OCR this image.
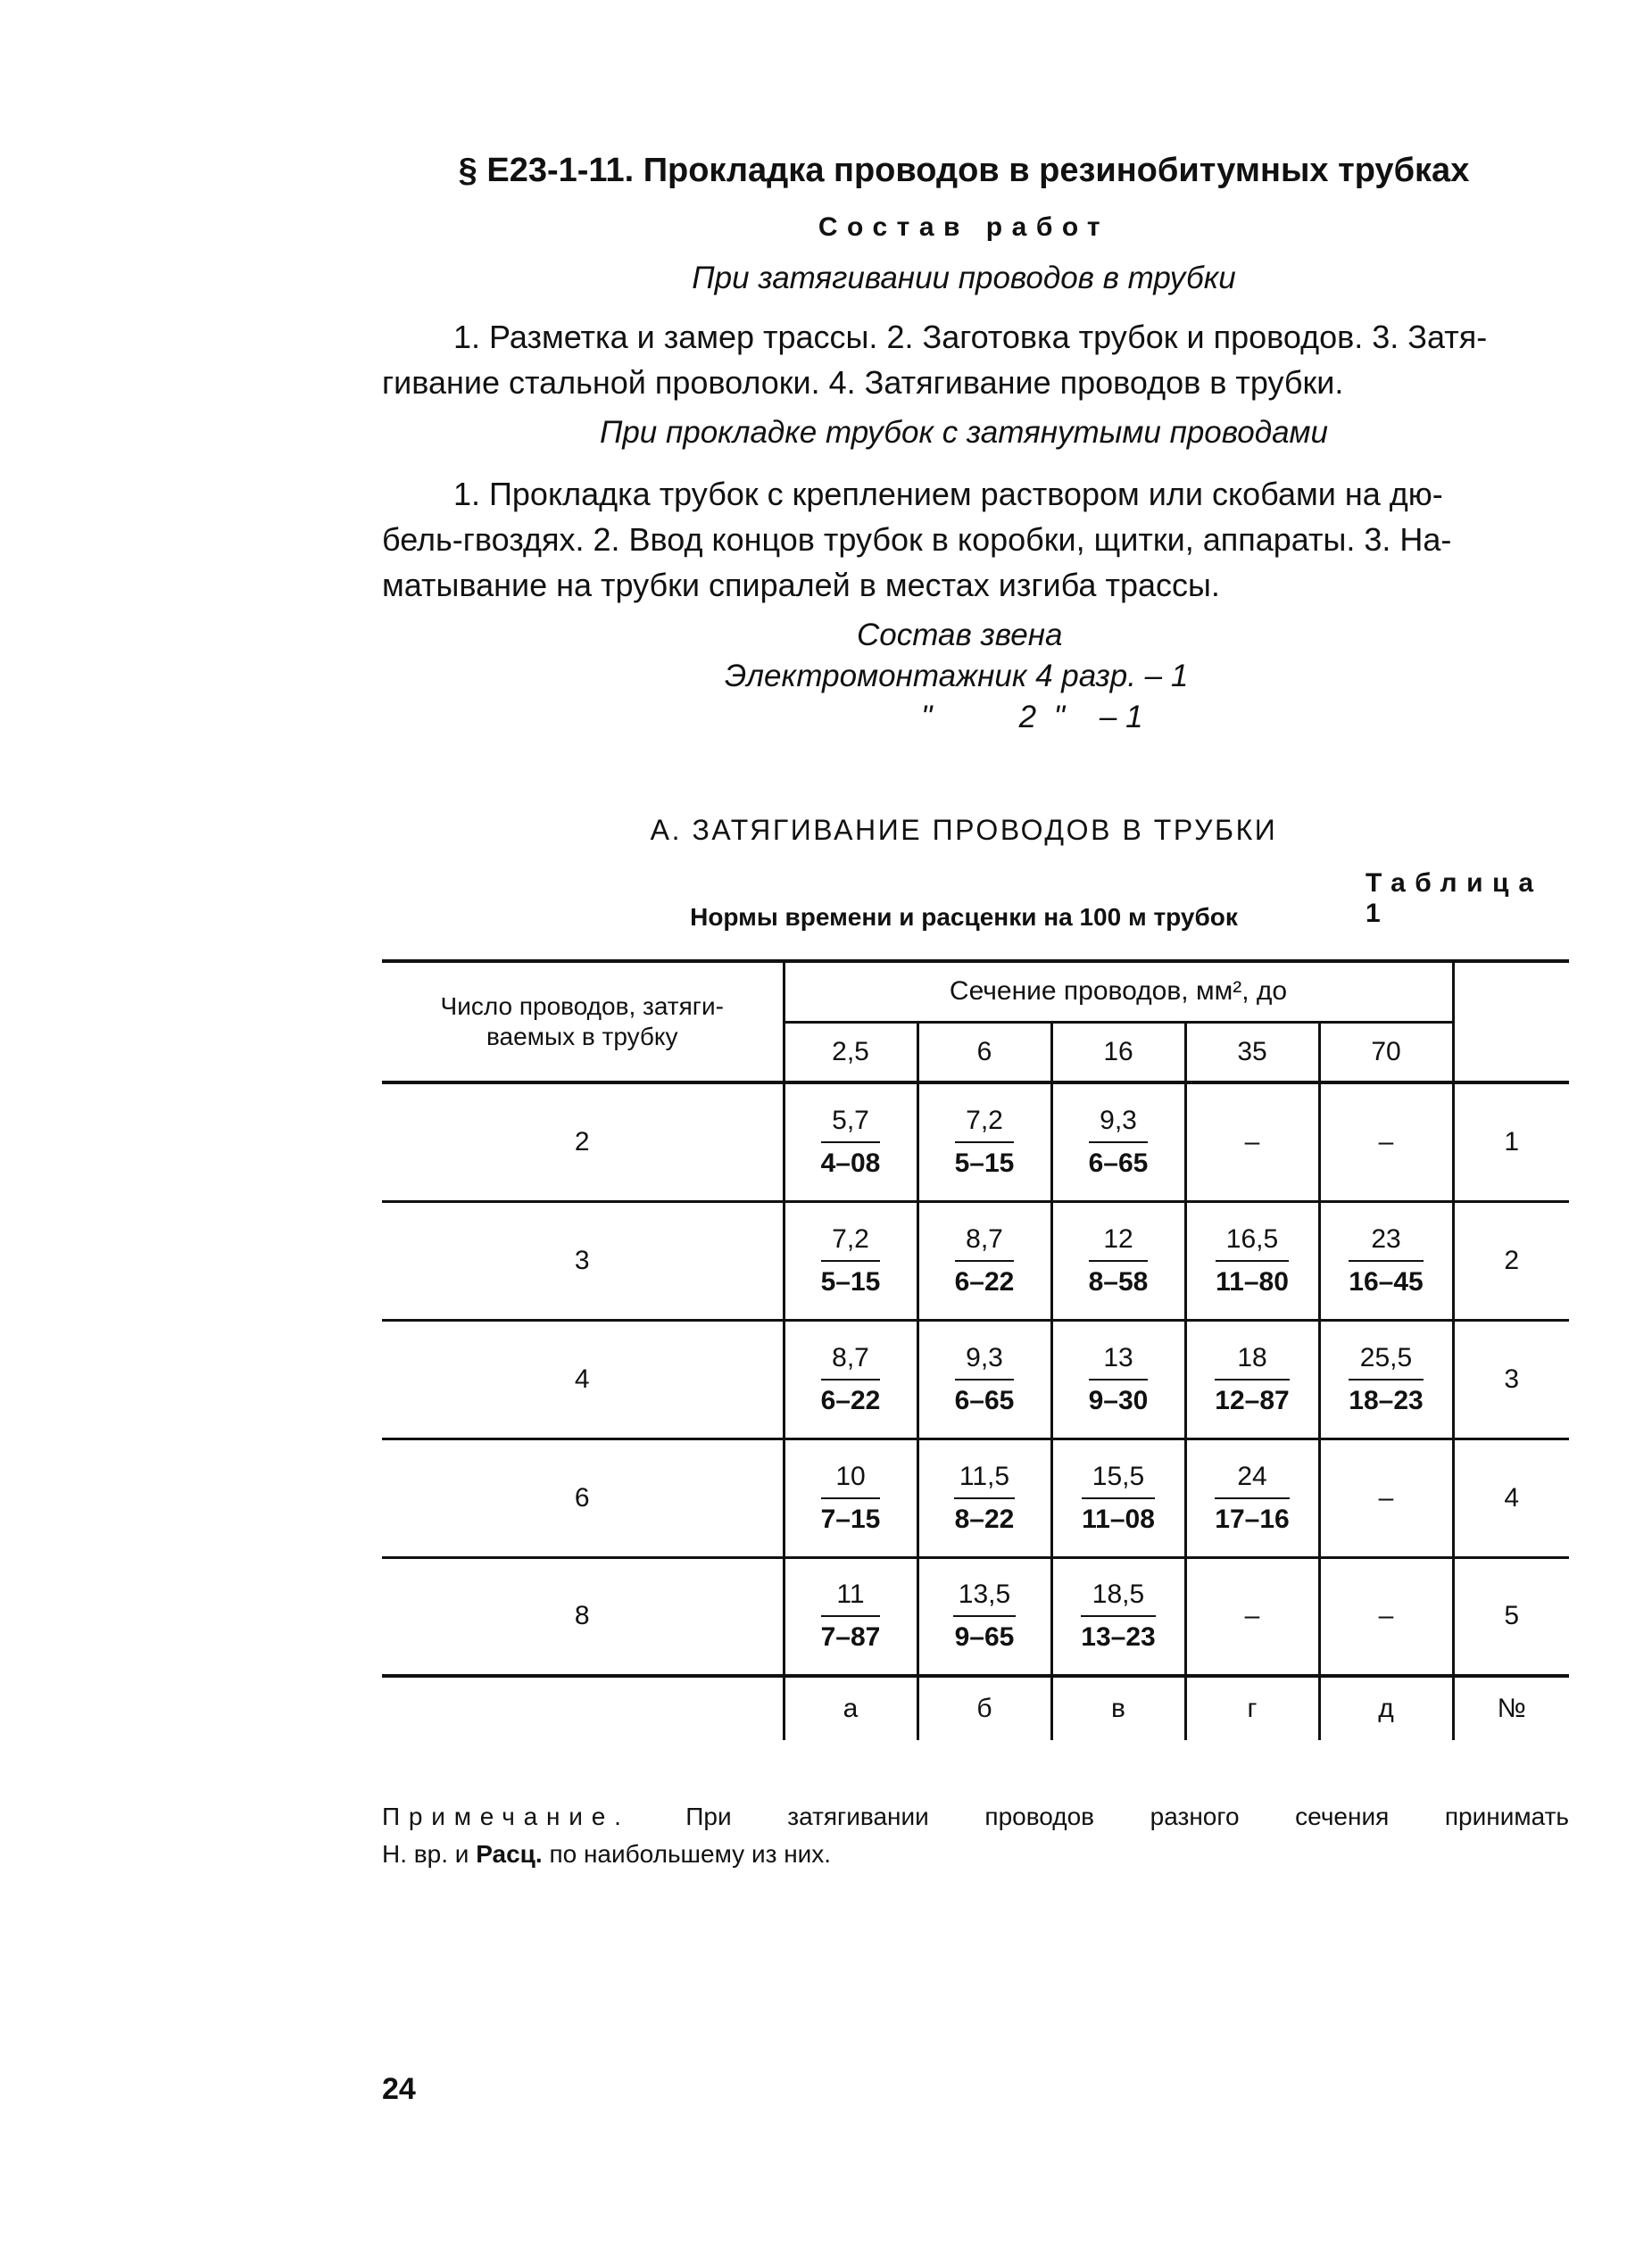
§ Е23-1-11. Прокладка проводов в резинобитумных трубках
Состав работ
При затягивании проводов в трубки
1. Разметка и замер трассы. 2. Заготовка трубок и проводов. 3. Затя-
гивание стальной проволоки. 4. Затягивание проводов в трубки.
При прокладке трубок с затянутыми проводами
1. Прокладка трубок с креплением раствором или скобами на дю-
бель-гвоздях. 2. Ввод концов трубок в коробки, щитки, аппараты. 3. На-
матывание на трубки спиралей в местах изгиба трассы.
Состав звена
Электромонтажник 4 разр. – 1
"          2  "    – 1
А. ЗАТЯГИВАНИЕ ПРОВОДОВ В ТРУБКИ
Таблица 1
Нормы времени и расценки на 100 м трубок
Число проводов, затяги-ваемых в трубку	Сечение проводов, мм², до					
	2,5	6	16	35	70	
2	$\frac{5,7}{4-08}$	$\frac{7,2}{5-15}$	$\frac{9,3}{6-65}$	–	–	1
3	$\frac{7,2}{5-15}$	$\frac{8,7}{6-22}$	$\frac{12}{8-58}$	$\frac{16,5}{11-80}$	$\frac{23}{16-45}$	2
4	$\frac{8,7}{6-22}$	$\frac{9,3}{6-65}$	$\frac{13}{9-30}$	$\frac{18}{12-87}$	$\frac{25,5}{18-23}$	3
6	$\frac{10}{7-15}$	$\frac{11,5}{8-22}$	$\frac{15,5}{11-08}$	$\frac{24}{17-16}$	–	4
8	$\frac{11}{7-87}$	$\frac{13,5}{9-65}$	$\frac{18,5}{13-23}$	–	–	5
	а	б	в	г	д	№
Примечание. При затягивании проводов разного сечения принимать
Н. вр. и Расц. по наибольшему из них.
24
